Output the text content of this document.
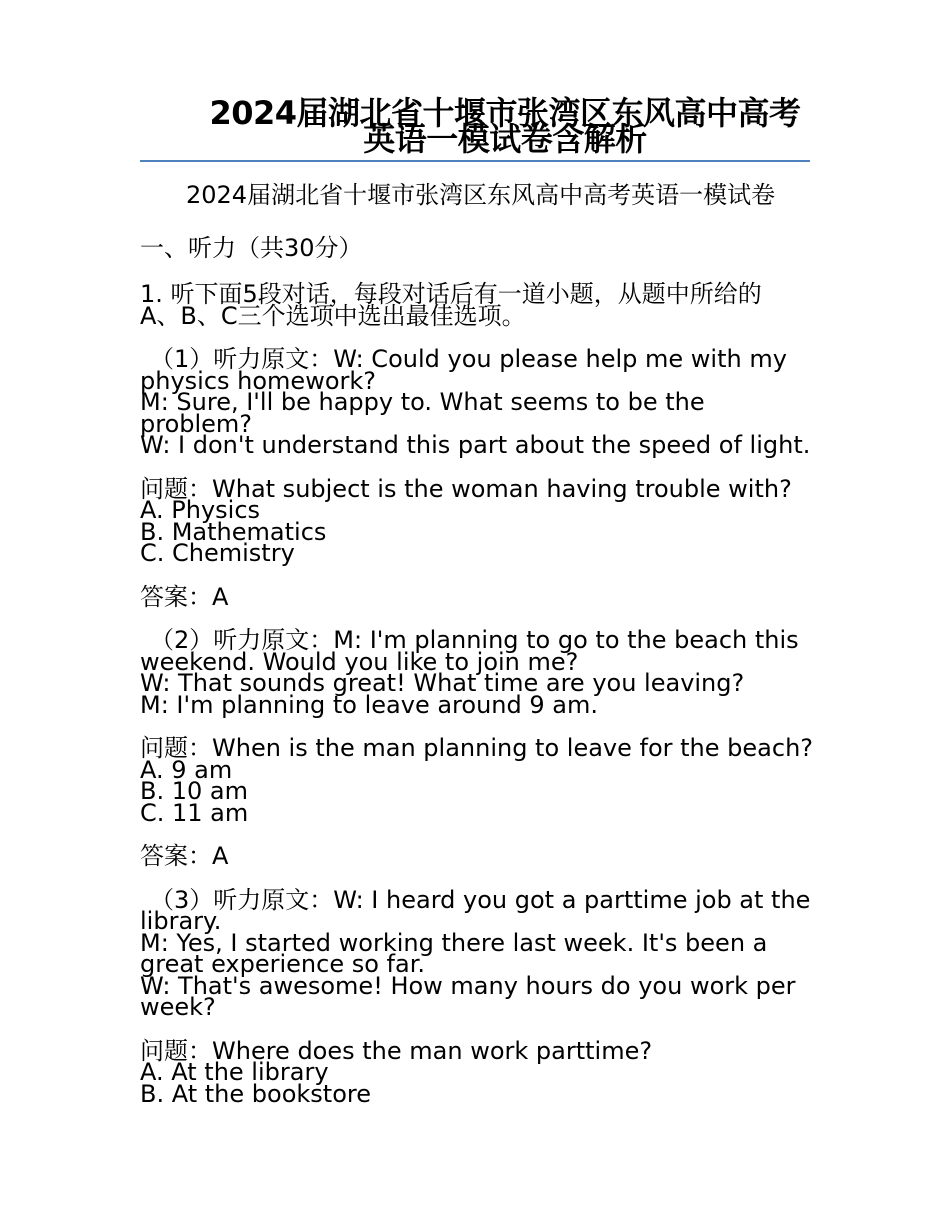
2024届湖北省十堰市张湾区东风高中高考英语一模试卷含解析
2024届湖北省十堰市张湾区东风高中高考英语一模试卷
一、听力（共30分）
1. 听下面5段对话，每段对话后有一道小题，从题中所给的
A、B、C三个选项中选出最佳选项。
（1）听力原文：W: Could you please help me with my
physics homework?
M: Sure, I'll be happy to. What seems to be the
problem?
W: I don't understand this part about the speed of light.
问题：What subject is the woman having trouble with?
A. Physics
B. Mathematics
C. Chemistry
答案：A
（2）听力原文：M: I'm planning to go to the beach this
weekend. Would you like to join me?
W: That sounds great! What time are you leaving?
M: I'm planning to leave around 9 am.
问题：When is the man planning to leave for the beach?
A. 9 am
B. 10 am
C. 11 am
答案：A
（3）听力原文：W: I heard you got a parttime job at the
library.
M: Yes, I started working there last week. It's been a
great experience so far.
W: That's awesome! How many hours do you work per
week?
问题：Where does the man work parttime?
A. At the library
B. At the bookstore
